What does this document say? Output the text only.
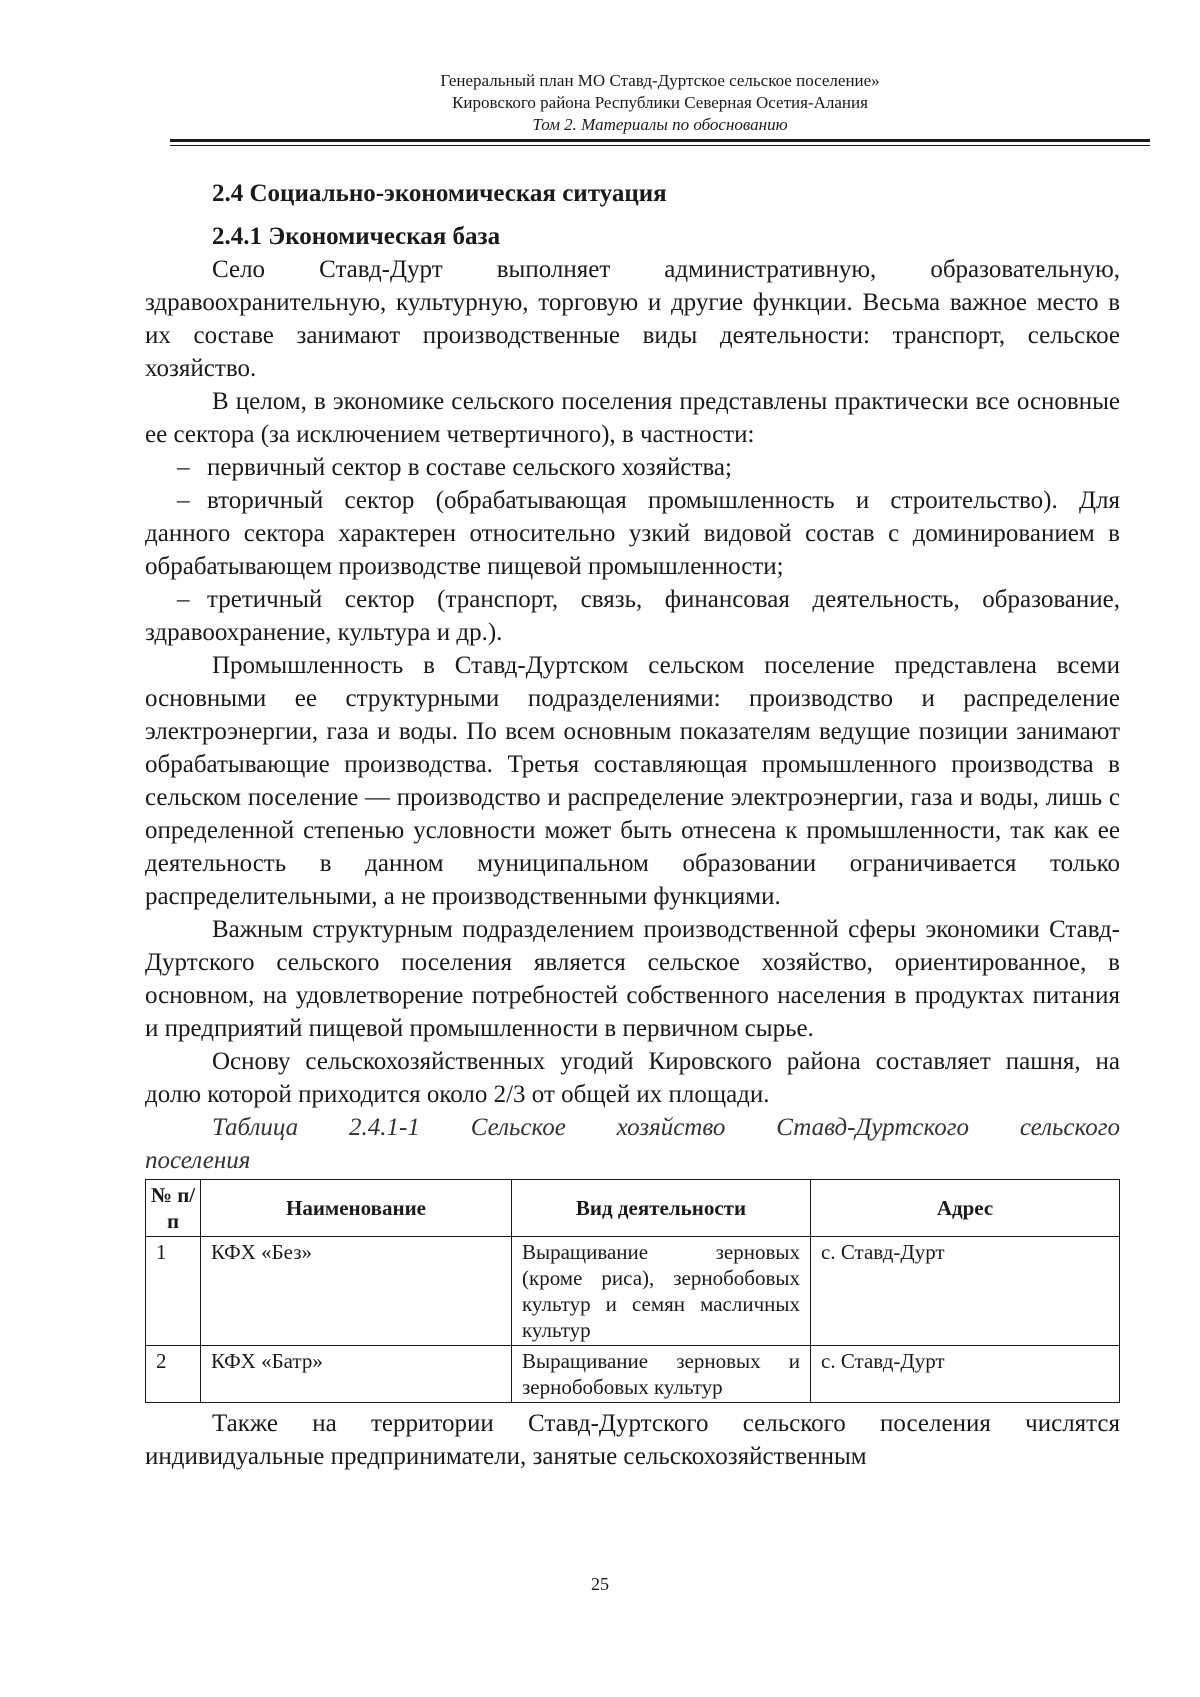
Генеральный план МО Ставд-Дуртское сельское поселение»
Кировского района Республики Северная Осетия-Алания
Том 2. Материалы по обоснованию
2.4 Социально-экономическая ситуация
2.4.1 Экономическая база

Село Ставд-Дурт выполняет административную, образовательную, здравоохранительную, культурную, торговую и другие функции. Весьма важное место в их составе занимают производственные виды деятельности: транспорт, сельское хозяйство.

В целом, в экономике сельского поселения представлены практически все основные ее сектора (за исключением четвертичного), в частности:

– первичный сектор в составе сельского хозяйства;

– вторичный сектор (обрабатывающая промышленность и строительство). Для данного сектора характерен относительно узкий видовой состав с доминированием в обрабатывающем производстве пищевой промышленности;

– третичный сектор (транспорт, связь, финансовая деятельность, образование, здравоохранение, культура и др.).

Промышленность в Ставд-Дуртском сельском поселение представлена всеми основными ее структурными подразделениями: производство и распределение электроэнергии, газа и воды. По всем основным показателям ведущие позиции занимают обрабатывающие производства. Третья составляющая промышленного производства в сельском поселение — производство и распределение электроэнергии, газа и воды, лишь с определенной степенью условности может быть отнесена к промышленности, так как ее деятельность в данном муниципальном образовании ограничивается только распределительными, а не производственными функциями.

Важным структурным подразделением производственной сферы экономики Ставд-Дуртского сельского поселения является сельское хозяйство, ориентированное, в основном, на удовлетворение потребностей собственного населения в продуктах питания и предприятий пищевой промышленности в первичном сырье.

Основу сельскохозяйственных угодий Кировского района составляет пашня, на долю которой приходится около 2/3 от общей их площади.

Таблица 2.4.1-1 Сельское хозяйство Ставд-Дуртского сельского поселения

№ п/п	Наименование	Вид деятельности	Адрес
1	КФХ «Без»	Выращивание зерновых (кроме риса), зернобобовых культур и семян масличных культур	с. Ставд-Дурт
2	КФХ «Батр»	Выращивание зерновых и зернобобовых культур	с. Ставд-Дурт

Также на территории Ставд-Дуртского сельского поселения числятся индивидуальные предприниматели, занятые сельскохозяйственным

25
